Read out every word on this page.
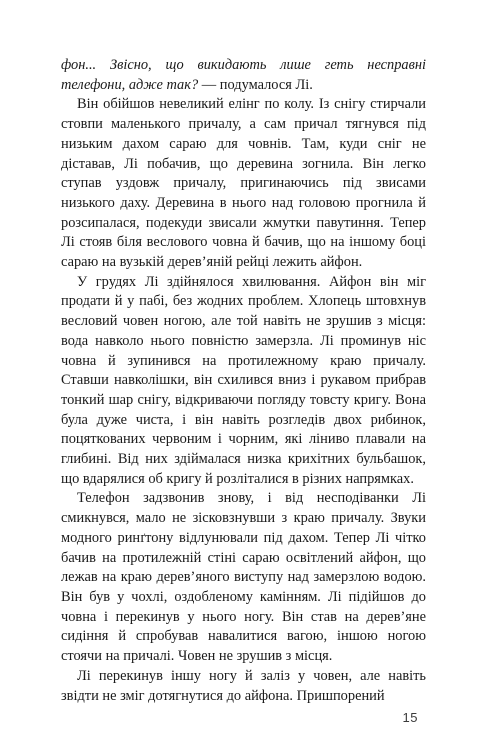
фон... Звісно, що викидають лише геть несправні телефони, адже так? — подумалося Лі.

Він обійшов невеликий елінг по колу. Із снігу стирчали стовпи маленького причалу, а сам причал тягнувся під низьким дахом сараю для човнів. Там, куди сніг не діставав, Лі побачив, що деревина зогнила. Він легко ступав уздовж причалу, пригинаючись під звисами низького даху. Деревина в нього над головою прогнила й розсипалася, подекуди звисали жмутки павутиння. Тепер Лі стояв біля веслового човна й бачив, що на іншому боці сараю на вузькій дерев’яній рейці лежить айфон.

У грудях Лі здійнялося хвилювання. Айфон він міг продати й у пабі, без жодних проблем. Хлопець штовхнув весловий човен ногою, але той навіть не зрушив з місця: вода навколо нього повністю замерзла. Лі проминув ніс човна й зупинився на протилежному краю причалу. Ставши навколішки, він схилився вниз і рукавом прибрав тонкий шар снігу, відкриваючи погляду товсту кригу. Вона була дуже чиста, і він навіть розгледів двох рибинок, поцяткованих червоним і чорним, які ліниво плавали на глибині. Від них здіймалася низка крихітних бульбашок, що вдарялися об кригу й розліталися в різних напрямках.

Телефон задзвонив знову, і від несподіванки Лі смикнувся, мало не зісковзнувши з краю причалу. Звуки модного ринґтону відлунювали під дахом. Тепер Лі чітко бачив на протилежній стіні сараю освітлений айфон, що лежав на краю дерев’яного виступу над замерзлою водою. Він був у чохлі, оздобленому камінням. Лі підійшов до човна і перекинув у нього ногу. Він став на дерев’яне сидіння й спробував навалитися вагою, іншою ногою стоячи на причалі. Човен не зрушив з місця.

Лі перекинув іншу ногу й заліз у човен, але навіть звідти не зміг дотягнутися до айфона. Пришпорений

15
